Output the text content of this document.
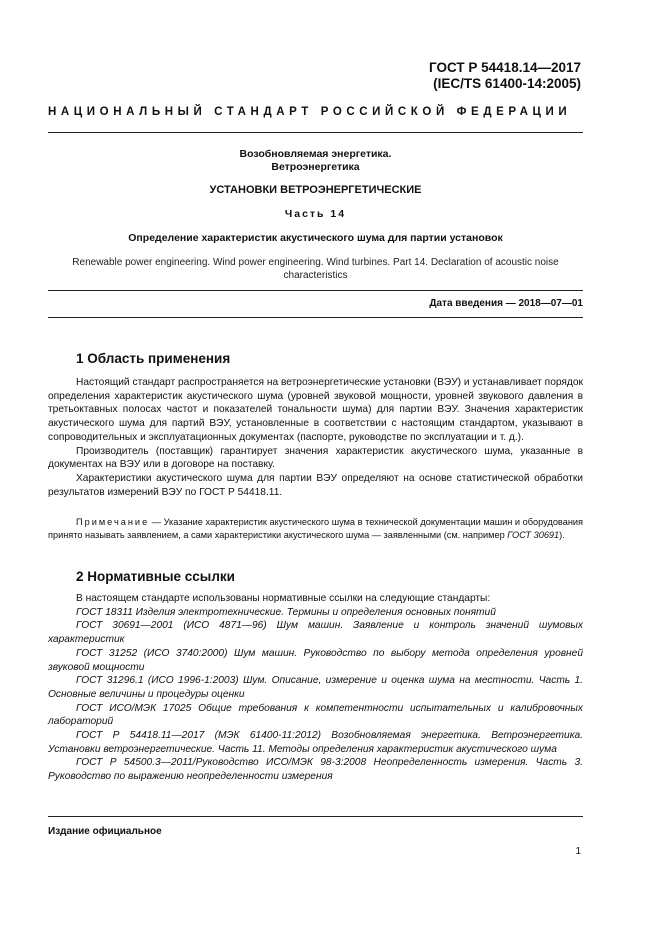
ГОСТ Р 54418.14—2017
(IEC/TS 61400-14:2005)
НАЦИОНАЛЬНЫЙ СТАНДАРТ РОССИЙСКОЙ ФЕДЕРАЦИИ
Возобновляемая энергетика.
Ветроэнергетика
УСТАНОВКИ ВЕТРОЭНЕРГЕТИЧЕСКИЕ
Часть 14
Определение характеристик акустического шума для партии установок
Renewable power engineering. Wind power engineering. Wind turbines. Part 14. Declaration of acoustic noise
characteristics
Дата введения — 2018—07—01
1 Область применения

Настоящий стандарт распространяется на ветроэнергетические установки (ВЭУ) и устанавливает порядок определения характеристик акустического шума (уровней звуковой мощности, уровней звукового давления в третьоктавных полосах частот и показателей тональности шума) для партии ВЭУ. Значения характеристик акустического шума для партий ВЭУ, установленные в соответствии с настоящим стандартом, указывают в сопроводительных и эксплуатационных документах (паспорте, руководстве по эксплуатации и т. д.).

Производитель (поставщик) гарантирует значения характеристик акустического шума, указанные в документах на ВЭУ или в договоре на поставку.

Характеристики акустического шума для партии ВЭУ определяют на основе статистической обработки результатов измерений ВЭУ по ГОСТ Р 54418.11.

Примечание — Указание характеристик акустического шума в технической документации машин и оборудования принято называть заявлением, а сами характеристики акустического шума — заявленными (см. например ГОСТ 30691).
2 Нормативные ссылки

В настоящем стандарте использованы нормативные ссылки на следующие стандарты:

ГОСТ 18311 Изделия электротехнические. Термины и определения основных понятий

ГОСТ 30691—2001 (ИСО 4871—96) Шум машин. Заявление и контроль значений шумовых характеристик

ГОСТ 31252 (ИСО 3740:2000) Шум машин. Руководство по выбору метода определения уровней звуковой мощности

ГОСТ 31296.1 (ИСО 1996-1:2003) Шум. Описание, измерение и оценка шума на местности. Часть 1. Основные величины и процедуры оценки

ГОСТ ИСО/МЭК 17025 Общие требования к компетентности испытательных и калибровочных лабораторий

ГОСТ Р 54418.11—2017 (МЭК 61400-11:2012) Возобновляемая энергетика. Ветроэнергетика. Установки ветроэнергетические. Часть 11. Методы определения характеристик акустического шума

ГОСТ Р 54500.3—2011/Руководство ИСО/МЭК 98-3:2008 Неопределенность измерения. Часть 3. Руководство по выражению неопределенности измерения

Издание официальное
1
